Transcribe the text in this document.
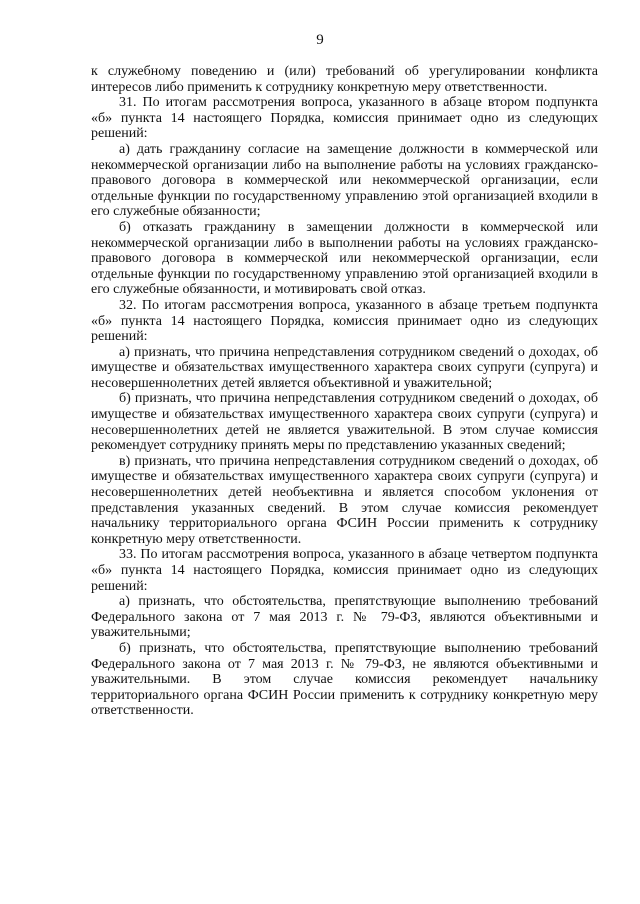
9

к служебному поведению и (или) требований об урегулировании конфликта интересов либо применить к сотруднику конкретную меру ответственности.

31. По итогам рассмотрения вопроса, указанного в абзаце втором подпункта «б» пункта 14 настоящего Порядка, комиссия принимает одно из следующих решений:

а) дать гражданину согласие на замещение должности в коммерческой или некоммерческой организации либо на выполнение работы на условиях гражданско-правового договора в коммерческой или некоммерческой организации, если отдельные функции по государственному управлению этой организацией входили в его служебные обязанности;

б) отказать гражданину в замещении должности в коммерческой или некоммерческой организации либо в выполнении работы на условиях гражданско-правового договора в коммерческой или некоммерческой организации, если отдельные функции по государственному управлению этой организацией входили в его служебные обязанности, и мотивировать свой отказ.

32. По итогам рассмотрения вопроса, указанного в абзаце третьем подпункта «б» пункта 14 настоящего Порядка, комиссия принимает одно из следующих решений:

а) признать, что причина непредставления сотрудником сведений о доходах, об имуществе и обязательствах имущественного характера своих супруги (супруга) и несовершеннолетних детей является объективной и уважительной;

б) признать, что причина непредставления сотрудником сведений о доходах, об имуществе и обязательствах имущественного характера своих супруги (супруга) и несовершеннолетних детей не является уважительной. В этом случае комиссия рекомендует сотруднику принять меры по представлению указанных сведений;

в) признать, что причина непредставления сотрудником сведений о доходах, об имуществе и обязательствах имущественного характера своих супруги (супруга) и несовершеннолетних детей необъективна и является способом уклонения от представления указанных сведений. В этом случае комиссия рекомендует начальнику территориального органа ФСИН России применить к сотруднику конкретную меру ответственности.

33. По итогам рассмотрения вопроса, указанного в абзаце четвертом подпункта «б» пункта 14 настоящего Порядка, комиссия принимает одно из следующих решений:

а) признать, что обстоятельства, препятствующие выполнению требований Федерального закона от 7 мая 2013 г. № 79-ФЗ, являются объективными и уважительными;

б) признать, что обстоятельства, препятствующие выполнению требований Федерального закона от 7 мая 2013 г. № 79-ФЗ, не являются объективными и уважительными. В этом случае комиссия рекомендует начальнику территориального органа ФСИН России применить к сотруднику конкретную меру ответственности.
